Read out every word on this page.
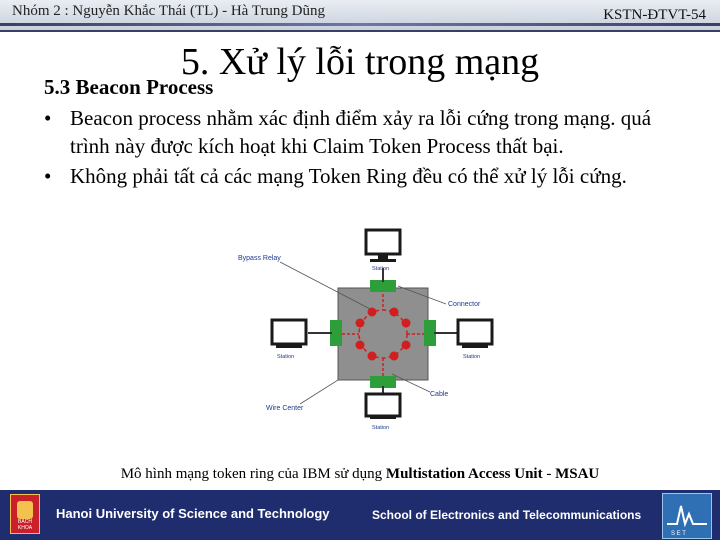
Nhóm 2 : Nguyễn Khắc Thái (TL) - Hà Trung Dũng	KSTN-ĐTVT-54
5. Xử lý lỗi trong mạng
5.3 Beacon Process
• Beacon process nhằm xác định điểm xảy ra lỗi cứng trong mạng. quá trình này được kích hoạt khi Claim Token Process thất bại.
• Không phải tất cả các mạng Token Ring đều có thể xử lý lỗi cứng.
Bypass Relay
Connector
Cable
Wire Center
Station
Station	Station
Station
Mô hình mạng token ring của IBM sử dụng Multistation Access Unit - MSAU
BÁCH KHOA
Hanoi University of Science and Technology	School of Electronics and Telecommunications
S E T
